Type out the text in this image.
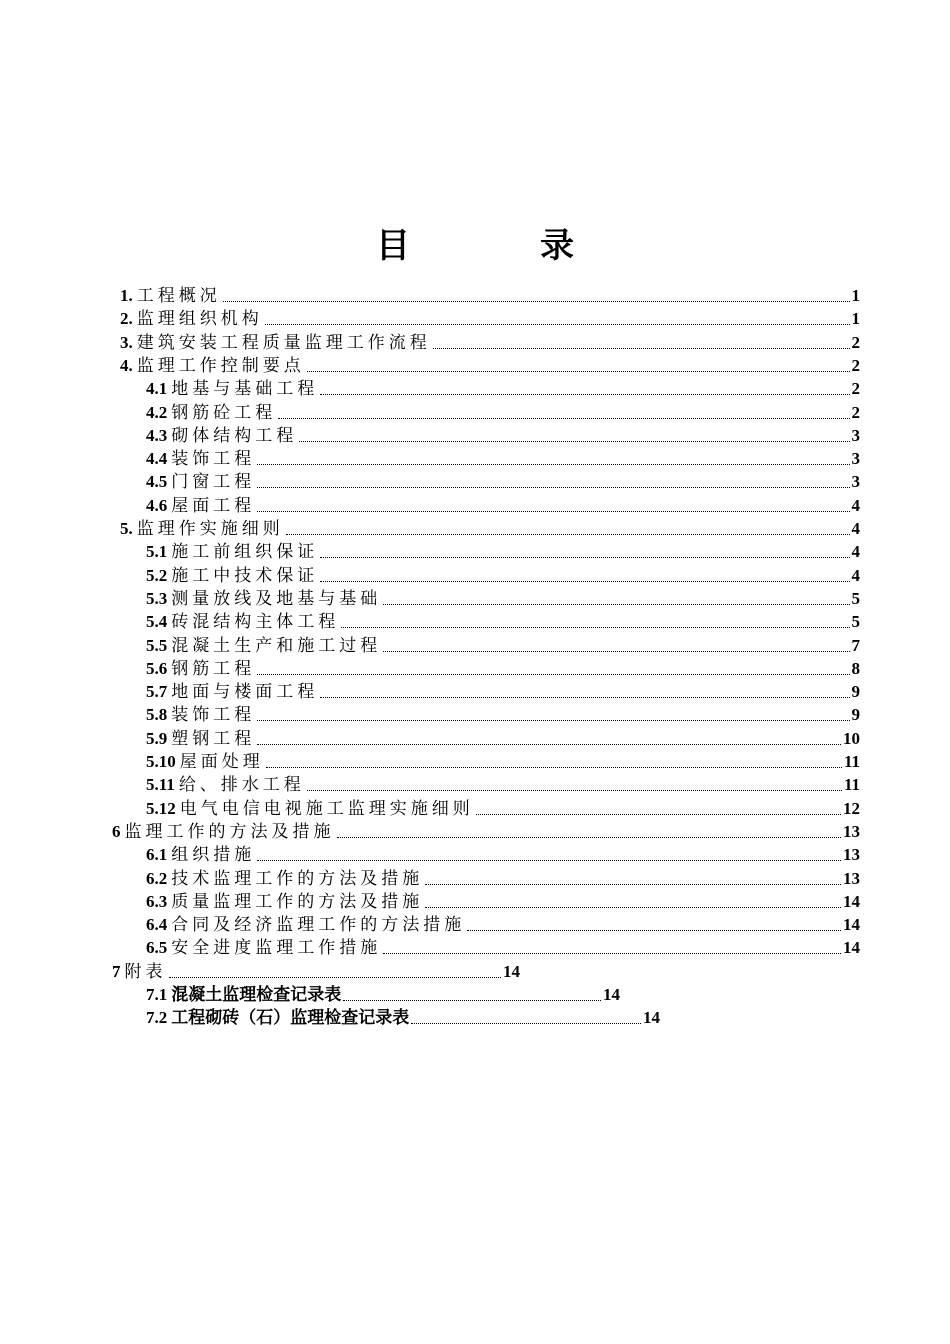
目　录
1. 工程概况	1
2. 监理组织机构	1
3. 建筑安装工程质量监理工作流程	2
4. 监理工作控制要点	2
4.1 地基与基础工程	2
4.2 钢筋砼工程	2
4.3 砌体结构工程	3
4.4 装饰工程	3
4.5 门窗工程	3
4.6 屋面工程	4
5. 监理作实施细则	4
5.1 施工前组织保证	4
5.2 施工中技术保证	4
5.3 测量放线及地基与基础	5
5.4 砖混结构主体工程	5
5.5 混凝土生产和施工过程	7
5.6 钢筋工程	8
5.7 地面与楼面工程	9
5.8 装饰工程	9
5.9 塑钢工程	10
5.10 屋面处理	11
5.11 给、排水工程	11
5.12 电气电信电视施工监理实施细则	12
6 监理工作的方法及措施	13
6.1 组织措施	13
6.2 技术监理工作的方法及措施	13
6.3 质量监理工作的方法及措施	14
6.4 合同及经济监理工作的方法措施	14
6.5 安全进度监理工作措施	14
7 附表	14
7.1 混凝土监理检查记录表	14
7.2 工程砌砖（石）监理检查记录表	14
